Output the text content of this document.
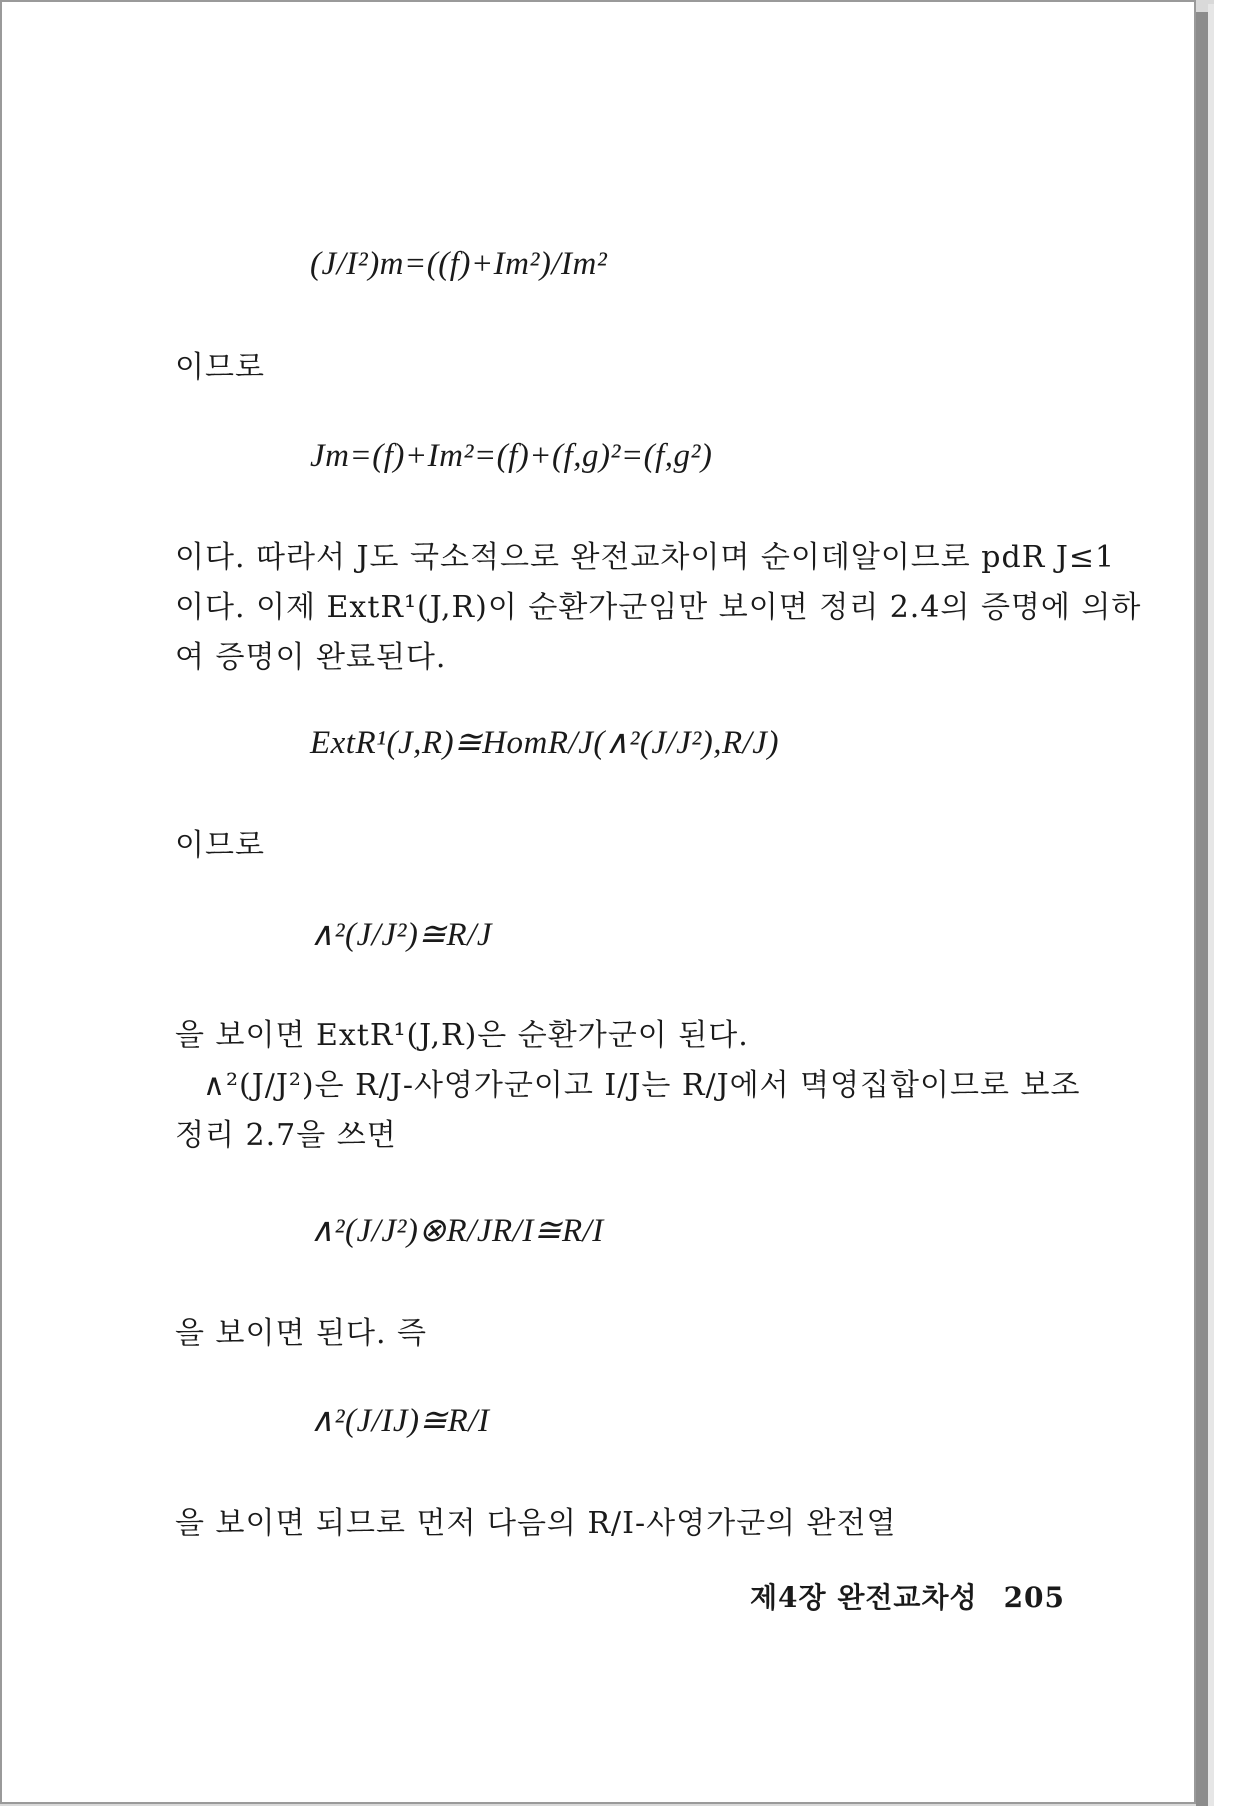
(J/I²)m=((f)+Im²)/Im²
이므로
Jm=(f)+Im²=(f)+(f,g)²=(f,g²)
이다. 따라서 J도 국소적으로 완전교차이며 순이데알이므로 pdR J≤1
이다. 이제 ExtR¹(J,R)이 순환가군임만 보이면 정리 2.4의 증명에 의하
여 증명이 완료된다.
ExtR¹(J,R)≅HomR/J(∧²(J/J²),R/J)
이므로
∧²(J/J²)≅R/J
을 보이면 ExtR¹(J,R)은 순환가군이 된다.
∧²(J/J²)은 R/J-사영가군이고 I/J는 R/J에서 멱영집합이므로 보조
정리 2.7을 쓰면
∧²(J/J²)⊗R/JR/I≅R/I
을 보이면 된다. 즉
∧²(J/IJ)≅R/I
을 보이면 되므로 먼저 다음의 R/I-사영가군의 완전열
제4장 완전교차성 205
